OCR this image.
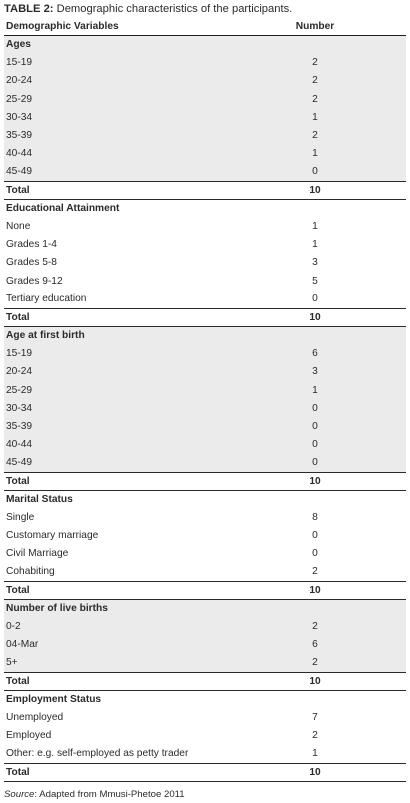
TABLE 2: Demographic characteristics of the participants.
Demographic Variables	Number
Ages	
15-19	2
20-24	2
25-29	2
30-34	1
35-39	2
40-44	1
45-49	0
Total	10
Educational Attainment	
None	1
Grades 1-4	1
Grades 5-8	3
Grades 9-12	5
Tertiary education	0
Total	10
Age at first birth	
15-19	6
20-24	3
25-29	1
30-34	0
35-39	0
40-44	0
45-49	0
Total	10
Marital Status	
Single	8
Customary marriage	0
Civil Marriage	0
Cohabiting	2
Total	10
Number of live births	
0-2	2
04-Mar	6
5+	2
Total	10
Employment Status	
Unemployed	7
Employed	2
Other: e.g. self-employed as petty trader	1
Total	10
Source: Adapted from Mmusi-Phetoe 2011
